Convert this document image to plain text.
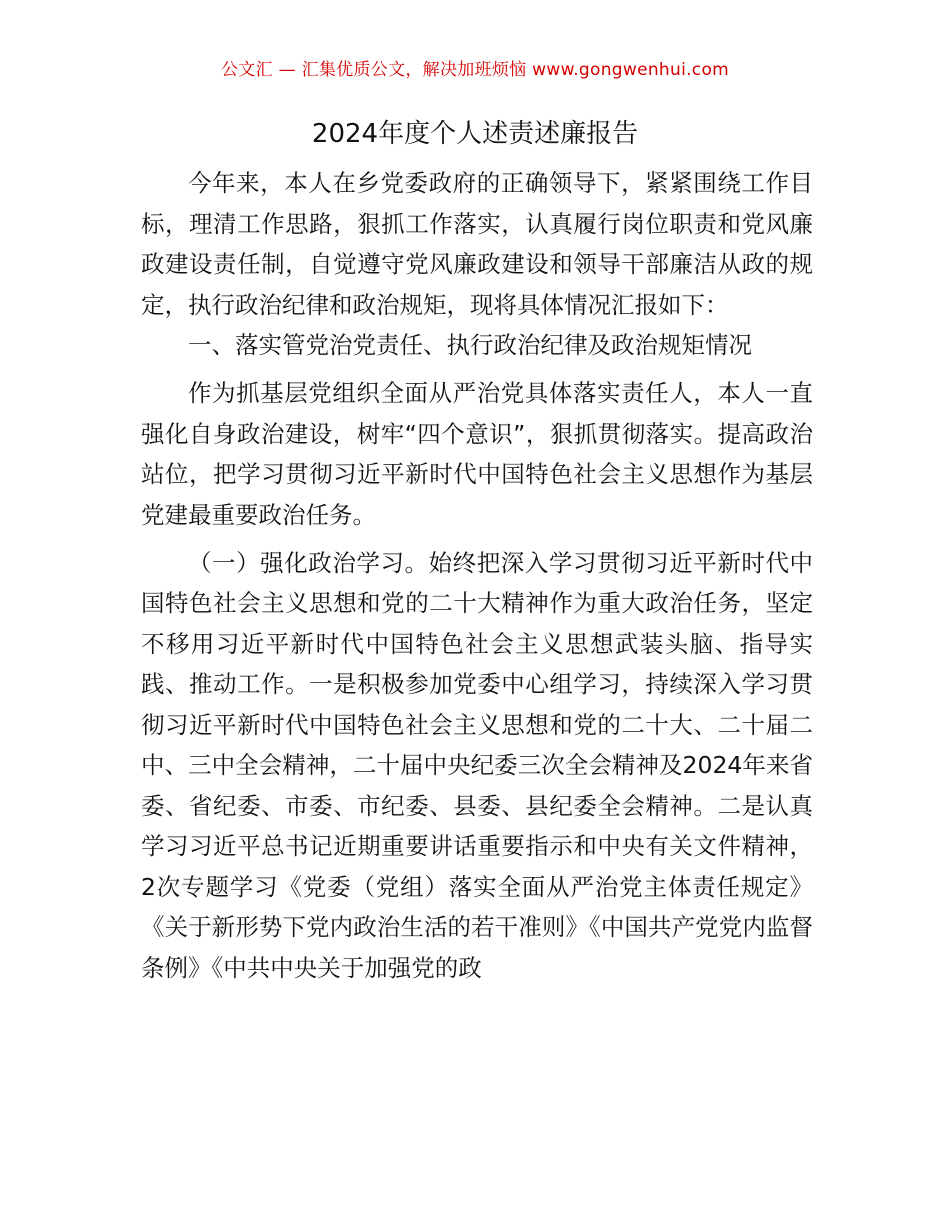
公文汇 — 汇集优质公文，解决加班烦恼 www.gongwenhui.com
2024年度个人述责述廉报告

今年来，本人在乡党委政府的正确领导下，紧紧围绕工作目标，理清工作思路，狠抓工作落实，认真履行岗位职责和党风廉政建设责任制，自觉遵守党风廉政建设和领导干部廉洁从政的规定，执行政治纪律和政治规矩，现将具体情况汇报如下：

一、落实管党治党责任、执行政治纪律及政治规矩情况

作为抓基层党组织全面从严治党具体落实责任人，本人一直强化自身政治建设，树牢“四个意识”，狠抓贯彻落实。提高政治站位，把学习贯彻习近平新时代中国特色社会主义思想作为基层党建最重要政治任务。

（一）强化政治学习。始终把深入学习贯彻习近平新时代中国特色社会主义思想和党的二十大精神作为重大政治任务，坚定不移用习近平新时代中国特色社会主义思想武装头脑、指导实践、推动工作。一是积极参加党委中心组学习，持续深入学习贯彻习近平新时代中国特色社会主义思想和党的二十大、二十届二中、三中全会精神，二十届中央纪委三次全会精神及2024年来省委、省纪委、市委、市纪委、县委、县纪委全会精神。二是认真学习习近平总书记近期重要讲话重要指示和中央有关文件精神，2次专题学习《党委（党组）落实全面从严治党主体责任规定》《关于新形势下党内政治生活的若干准则》《中国共产党党内监督条例》《中共中央关于加强党的政
